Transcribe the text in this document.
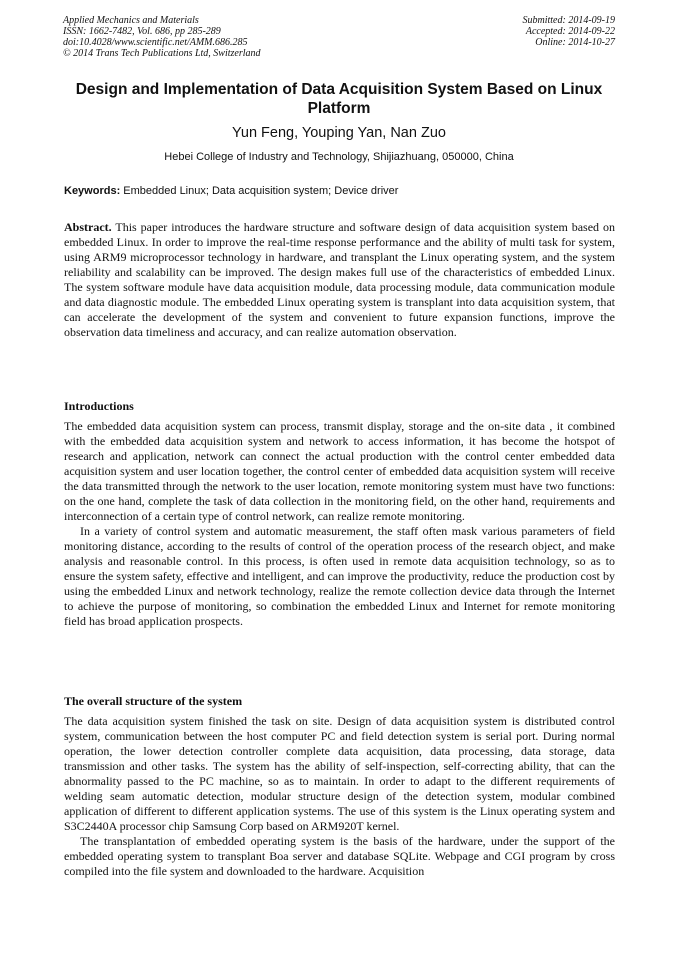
Applied Mechanics and Materials
ISSN: 1662-7482, Vol. 686, pp 285-289
doi:10.4028/www.scientific.net/AMM.686.285
© 2014 Trans Tech Publications Ltd, Switzerland
Submitted: 2014-09-19
Accepted: 2014-09-22
Online: 2014-10-27
Design and Implementation of Data Acquisition System Based on Linux Platform
Yun Feng, Youping Yan, Nan Zuo
Hebei College of Industry and Technology, Shijiazhuang, 050000, China
Keywords: Embedded Linux; Data acquisition system; Device driver

Abstract. This paper introduces the hardware structure and software design of data acquisition system based on embedded Linux. In order to improve the real-time response performance and the ability of multi task for system, using ARM9 microprocessor technology in hardware, and transplant the Linux operating system, and the system reliability and scalability can be improved. The design makes full use of the characteristics of embedded Linux. The system software module have data acquisition module, data processing module, data communication module and data diagnostic module. The embedded Linux operating system is transplant into data acquisition system, that can accelerate the development of the system and convenient to future expansion functions, improve the observation data timeliness and accuracy, and can realize automation observation.

Introductions

The embedded data acquisition system can process, transmit display, storage and the on-site data , it combined with the embedded data acquisition system and network to access information, it has become the hotspot of research and application, network can connect the actual production with the control center embedded data acquisition system and user location together, the control center of embedded data acquisition system will receive the data transmitted through the network to the user location, remote monitoring system must have two functions: on the one hand, complete the task of data collection in the monitoring field, on the other hand, requirements and interconnection of a certain type of control network, can realize remote monitoring.

In a variety of control system and automatic measurement, the staff often mask various parameters of field monitoring distance, according to the results of control of the operation process of the research object, and make analysis and reasonable control. In this process, is often used in remote data acquisition technology, so as to ensure the system safety, effective and intelligent, and can improve the productivity, reduce the production cost by using the embedded Linux and network technology, realize the remote collection device data through the Internet to achieve the purpose of monitoring, so combination the embedded Linux and Internet for remote monitoring field has broad application prospects.

The overall structure of the system

The data acquisition system finished the task on site. Design of data acquisition system is distributed control system, communication between the host computer PC and field detection system is serial port. During normal operation, the lower detection controller complete data acquisition, data processing, data storage, data transmission and other tasks. The system has the ability of self-inspection, self-correcting ability, that can the abnormality passed to the PC machine, so as to maintain. In order to adapt to the different requirements of welding seam automatic detection, modular structure design of the detection system, modular combined application of different to different application systems. The use of this system is the Linux operating system and S3C2440A processor chip Samsung Corp based on ARM920T kernel.

The transplantation of embedded operating system is the basis of the hardware, under the support of the embedded operating system to transplant Boa server and database SQLite. Webpage and CGI program by cross compiled into the file system and downloaded to the hardware. Acquisition
